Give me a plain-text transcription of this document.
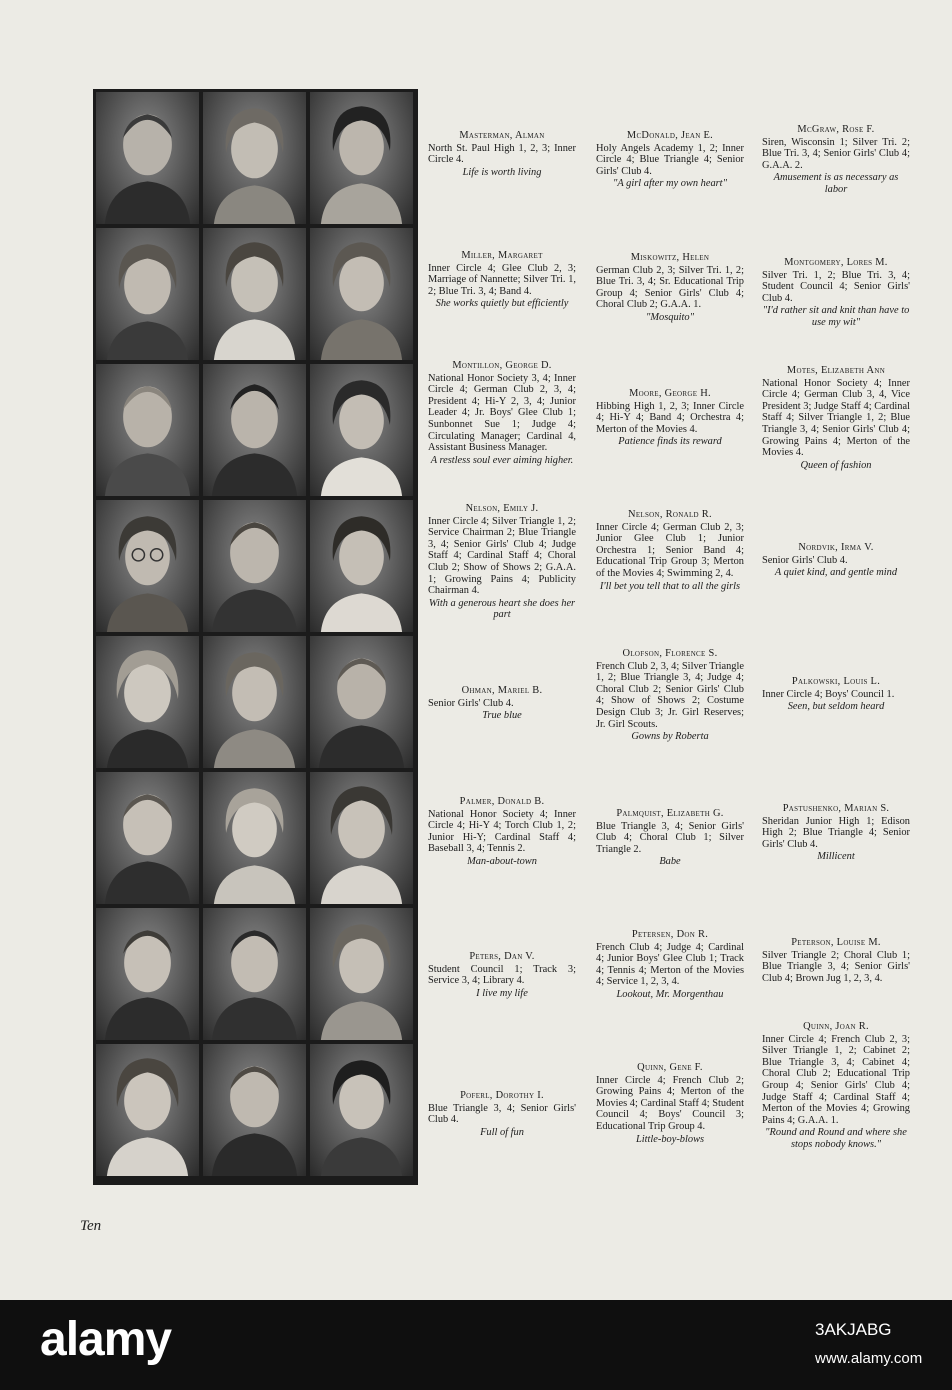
Masterman, Alman
North St. Paul High 1, 2, 3; Inner Circle 4.
Life is worth living
Miller, Margaret
Inner Circle 4; Glee Club 2, 3; Marriage of Nannette; Silver Tri. 1, 2; Blue Tri. 3, 4; Band 4.
She works quietly but efficiently
Montillon, George D.
National Honor Society 3, 4; Inner Circle 4; German Club 2, 3, 4; President 4; Hi-Y 2, 3, 4; Junior Leader 4; Jr. Boys' Glee Club 1; Sunbonnet Sue 1; Judge 4; Circulating Manager; Cardinal 4, Assistant Business Manager.
A restless soul ever aiming higher.
Nelson, Emily J.
Inner Circle 4; Silver Triangle 1, 2; Service Chairman 2; Blue Triangle 3, 4; Senior Girls' Club 4; Judge Staff 4; Cardinal Staff 4; Choral Club 2; Show of Shows 2; G.A.A. 1; Growing Pains 4; Publicity Chairman 4.
With a generous heart she does her part
Ohman, Mariel B.
Senior Girls' Club 4.
True blue
Palmer, Donald B.
National Honor Society 4; Inner Circle 4; Hi-Y 4; Torch Club 1, 2; Junior Hi-Y; Cardinal Staff 4; Baseball 3, 4; Tennis 2.
Man-about-town
Peters, Dan V.
Student Council 1; Track 3; Service 3, 4; Library 4.
I live my life
Poferl, Dorothy I.
Blue Triangle 3, 4; Senior Girls' Club 4.
Full of fun
McDonald, Jean E.
Holy Angels Academy 1, 2; Inner Circle 4; Blue Triangle 4; Senior Girls' Club 4.
"A girl after my own heart"
Miskowitz, Helen
German Club 2, 3; Silver Tri. 1, 2; Blue Tri. 3, 4; Sr. Educational Trip Group 4; Senior Girls' Club 4; Choral Club 2; G.A.A. 1.
"Mosquito"
Moore, George H.
Hibbing High 1, 2, 3; Inner Circle 4; Hi-Y 4; Band 4; Orchestra 4; Merton of the Movies 4.
Patience finds its reward
Nelson, Ronald R.
Inner Circle 4; German Club 2, 3; Junior Glee Club 1; Junior Orchestra 1; Senior Band 4; Educational Trip Group 3; Merton of the Movies 4; Swimming 2, 4.
I'll bet you tell that to all the girls
Olofson, Florence S.
French Club 2, 3, 4; Silver Triangle 1, 2; Blue Triangle 3, 4; Judge 4; Choral Club 2; Senior Girls' Club 4; Show of Shows 2; Costume Design Club 3; Jr. Girl Reserves; Jr. Girl Scouts.
Gowns by Roberta
Palmquist, Elizabeth G.
Blue Triangle 3, 4; Senior Girls' Club 4; Choral Club 1; Silver Triangle 2.
Babe
Petersen, Don R.
French Club 4; Judge 4; Cardinal 4; Junior Boys' Glee Club 1; Track 4; Tennis 4; Merton of the Movies 4; Service 1, 2, 3, 4.
Lookout, Mr. Morgenthau
Quinn, Gene F.
Inner Circle 4; French Club 2; Growing Pains 4; Merton of the Movies 4; Cardinal Staff 4; Student Council 4; Boys' Council 3; Educational Trip Group 4.
Little-boy-blows
McGraw, Rose F.
Siren, Wisconsin 1; Silver Tri. 2; Blue Tri. 3, 4; Senior Girls' Club 4; G.A.A. 2.
Amusement is as necessary as labor
Montgomery, Lores M.
Silver Tri. 1, 2; Blue Tri. 3, 4; Student Council 4; Senior Girls' Club 4.
"I'd rather sit and knit than have to use my wit"
Motes, Elizabeth Ann
National Honor Society 4; Inner Circle 4; German Club 3, 4, Vice President 3; Judge Staff 4; Cardinal Staff 4; Silver Triangle 1, 2; Blue Triangle 3, 4; Senior Girls' Club 4; Growing Pains 4; Merton of the Movies 4.
Queen of fashion
Nordvik, Irma V.
Senior Girls' Club 4.
A quiet kind, and gentle mind
Palkowski, Louis L.
Inner Circle 4; Boys' Council 1.
Seen, but seldom heard
Pastushenko, Marian S.
Sheridan Junior High 1; Edison High 2; Blue Triangle 4; Senior Girls' Club 4.
Millicent
Peterson, Louise M.
Silver Triangle 2; Choral Club 1; Blue Triangle 3, 4; Senior Girls' Club 4; Brown Jug 1, 2, 3, 4.
Quinn, Joan R.
Inner Circle 4; French Club 2, 3; Silver Triangle 1, 2; Cabinet 2; Blue Triangle 3, 4; Cabinet 4; Choral Club 2; Educational Trip Group 4; Senior Girls' Club 4; Judge Staff 4; Cardinal Staff 4; Merton of the Movies 4; Growing Pains 4; G.A.A. 1.
"Round and Round and where she stops nobody knows."
Ten
alamy	3AKJABG
www.alamy.com
